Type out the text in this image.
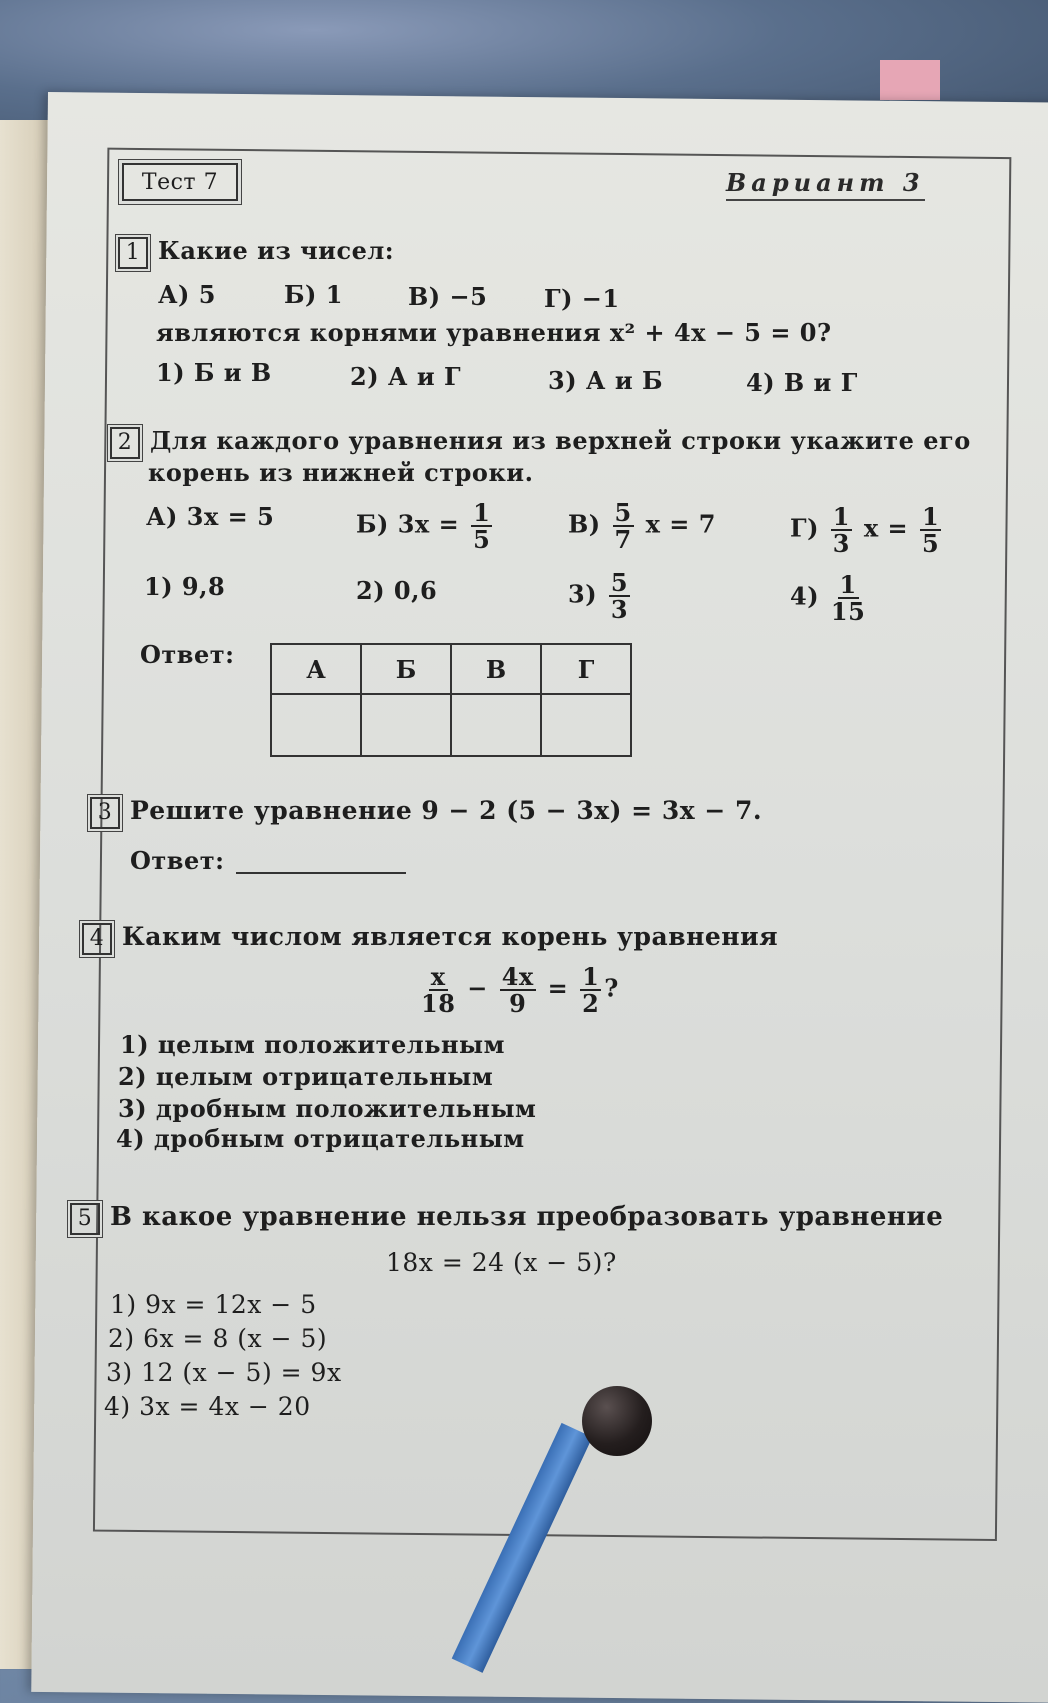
Тест 7	Вариант 3
1 Какие из чисел:
А) 5	Б) 1	В) −5 Г) −1
являются корнями уравнения x² + 4x − 5 = 0?
1) Б и В	2) А и Г	3) А и Б	4) В и Г
2 Для каждого уравнения из верхней строки укажите его
корень из нижней строки.
А) 3x = 5	Б) $3x = \frac{1}{5}$	$В) \frac{5}{7}$ x = 7	$Г) \frac{1}{3}$ $x = \frac{1}{5}$
1) 9,8	2) 0,6	$3) \frac{5}{3}$	$4) \frac{1}{15}$
Ответ:	А	Б	В	Г

3 Решите уравнение 9 − 2 (5 − 3x) = 3x − 7.
Ответ:
4 Каким числом является корень уравнения
$\frac{x}{18} - \frac{4x}{9} = \frac{1}{2}$ ?
1) целым положительным
2) целым отрицательным
3) дробным положительным
4) дробным отрицательным
5 В какое уравнение нельзя преобразовать уравнение
18x = 24 (x − 5)?
1) 9x = 12x − 5
2) 6x = 8 (x − 5)
3) 12 (x − 5) = 9x
4) 3x = 4x − 20
